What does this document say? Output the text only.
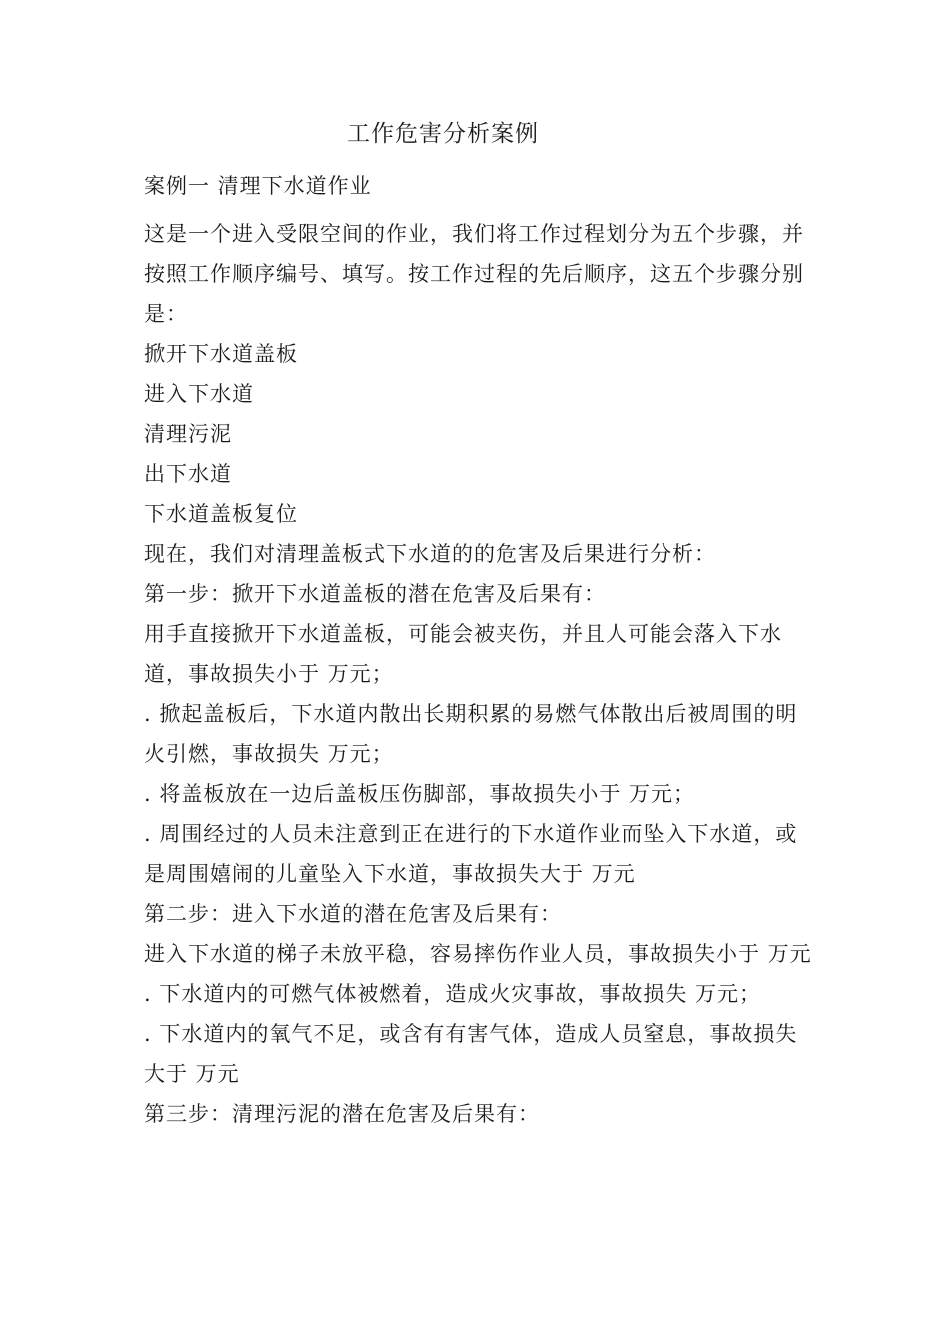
工作危害分析案例

案例一 清理下水道作业

这是一个进入受限空间的作业，我们将工作过程划分为五个步骤，并按照工作顺序编号、填写。按工作过程的先后顺序，这五个步骤分别是：

掀开下水道盖板

进入下水道

清理污泥

出下水道

下水道盖板复位

现在，我们对清理盖板式下水道的的危害及后果进行分析：

第一步：掀开下水道盖板的潜在危害及后果有：

用手直接掀开下水道盖板，可能会被夹伤，并且人可能会落入下水道，事故损失小于 万元；

. 掀起盖板后，下水道内散出长期积累的易燃气体散出后被周围的明火引燃，事故损失 万元；

. 将盖板放在一边后盖板压伤脚部，事故损失小于 万元；

. 周围经过的人员未注意到正在进行的下水道作业而坠入下水道，或是周围嬉闹的儿童坠入下水道，事故损失大于 万元

第二步：进入下水道的潜在危害及后果有：

进入下水道的梯子未放平稳，容易摔伤作业人员，事故损失小于 万元

. 下水道内的可燃气体被燃着，造成火灾事故，事故损失 万元；

. 下水道内的氧气不足，或含有有害气体，造成人员窒息，事故损失大于 万元

第三步：清理污泥的潜在危害及后果有：
